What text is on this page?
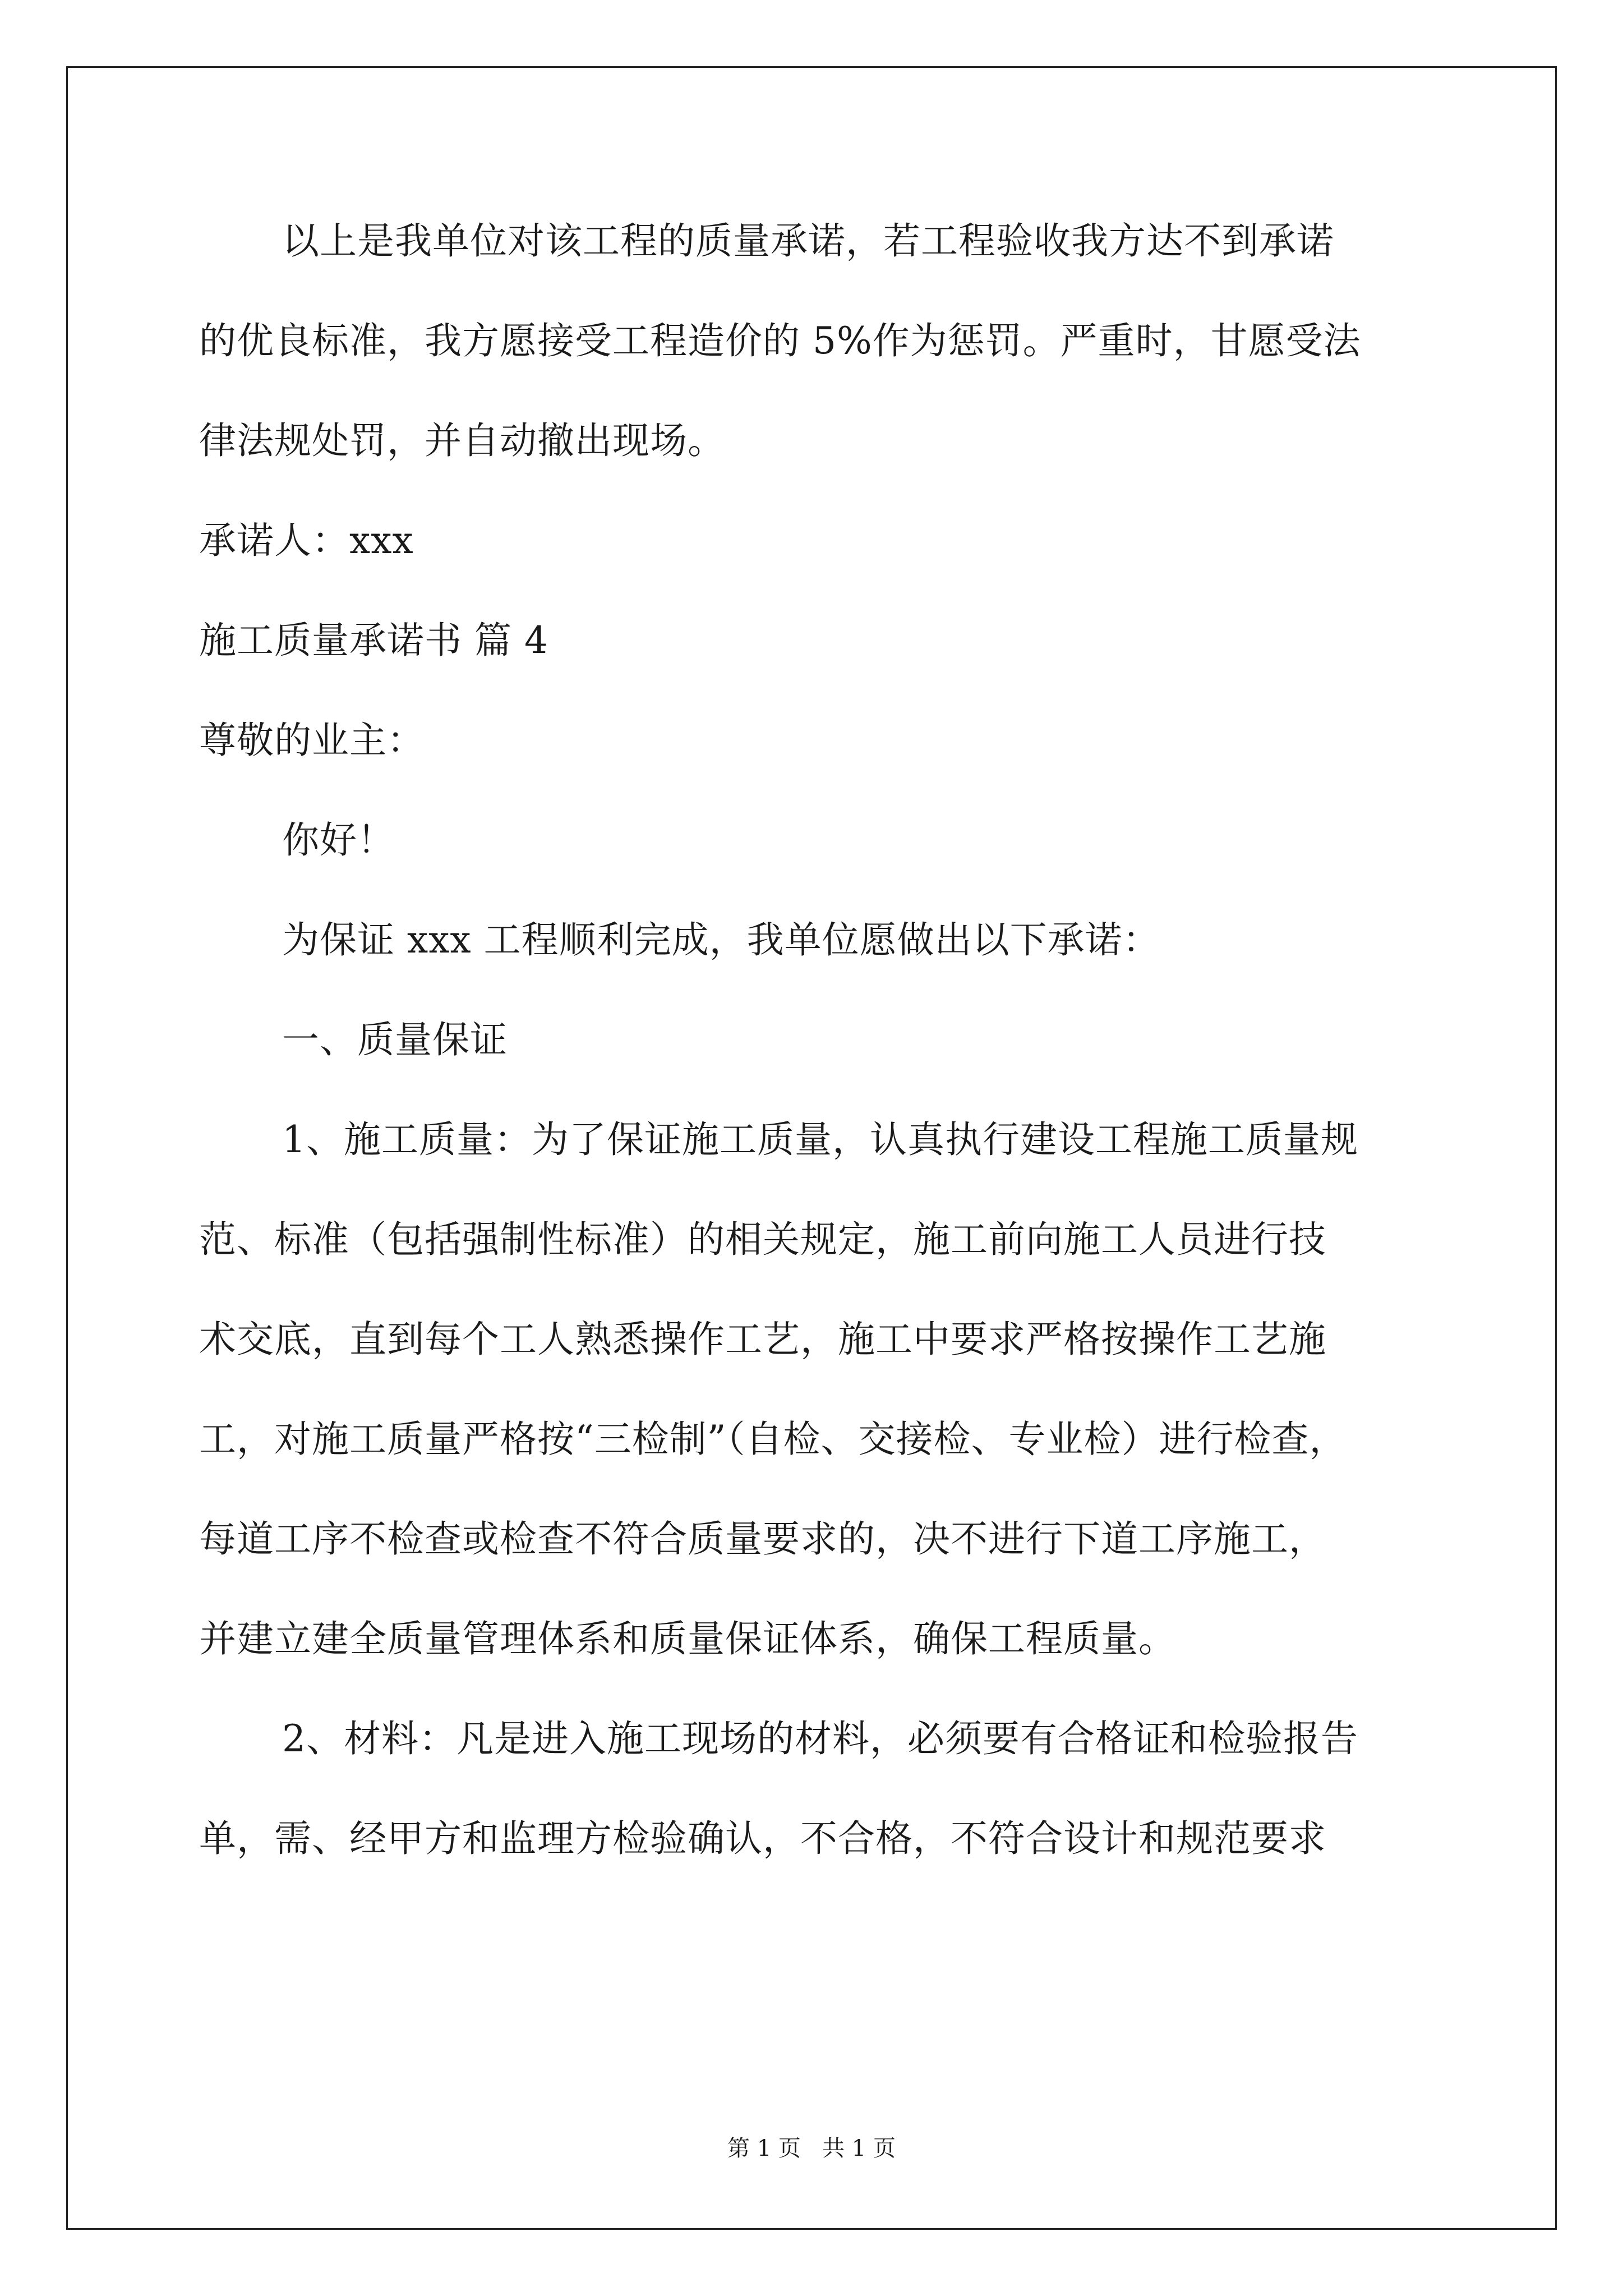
以上是我单位对该工程的质量承诺，若工程验收我方达不到承诺
的优良标准，我方愿接受工程造价的 5%作为惩罚。严重时，甘愿受法
律法规处罚，并自动撤出现场。
承诺人：xxx
施工质量承诺书 篇 4
尊敬的业主：
你好！
为保证 xxx 工程顺利完成，我单位愿做出以下承诺：
一、质量保证
1、施工质量：为了保证施工质量，认真执行建设工程施工质量规
范、标准（包括强制性标准）的相关规定，施工前向施工人员进行技
术交底，直到每个工人熟悉操作工艺，施工中要求严格按操作工艺施
工，对施工质量严格按“三检制”（自检、交接检、专业检）进行检查，
每道工序不检查或检查不符合质量要求的，决不进行下道工序施工，
并建立建全质量管理体系和质量保证体系，确保工程质量。
2、材料：凡是进入施工现场的材料，必须要有合格证和检验报告
单，需、经甲方和监理方检验确认，不合格，不符合设计和规范要求
第 1 页   共 1 页
